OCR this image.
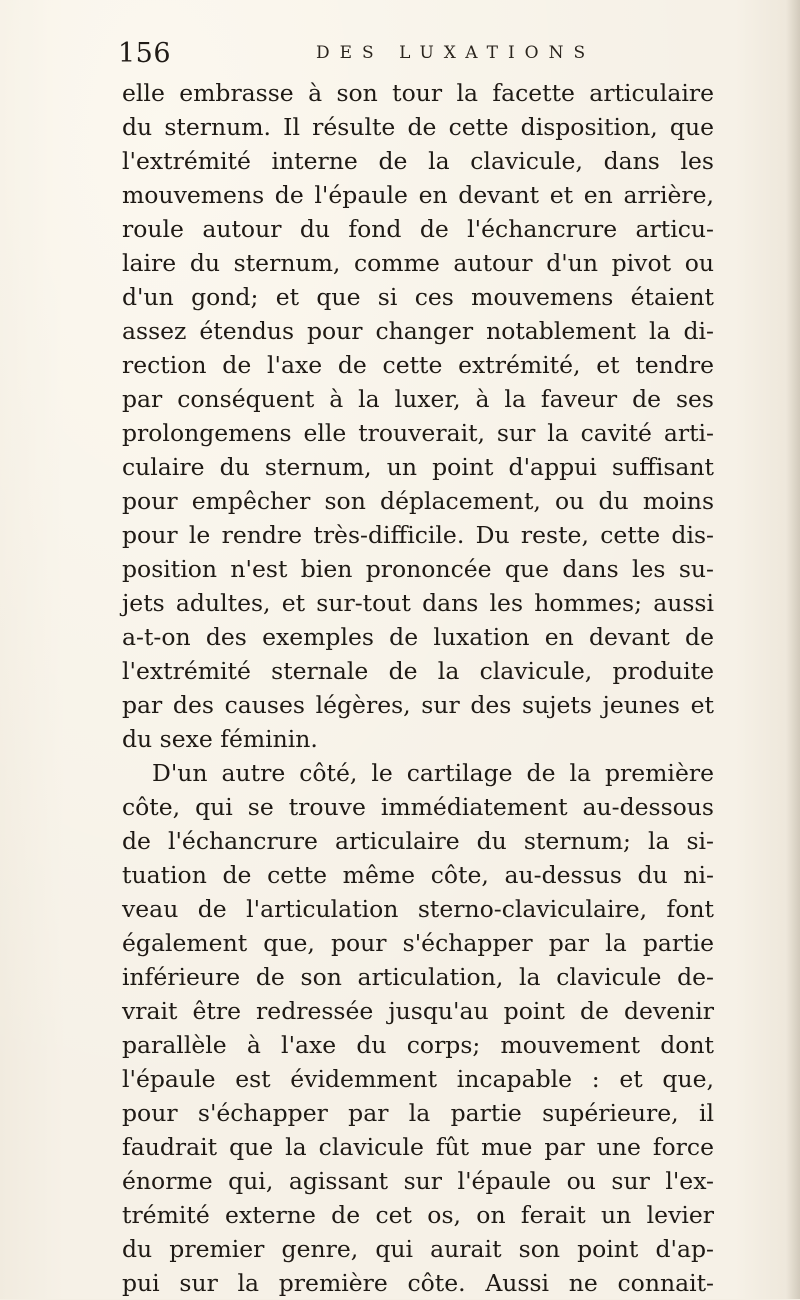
156	DES LUXATIONS
elle embrasse à son tour la facette articulaire
du sternum. Il résulte de cette disposition, que
l'extrémité interne de la clavicule, dans les
mouvemens de l'épaule en devant et en arrière,
roule autour du fond de l'échancrure articu-
laire du sternum, comme autour d'un pivot ou
d'un gond; et que si ces mouvemens étaient
assez étendus pour changer notablement la di-
rection de l'axe de cette extrémité, et tendre
par conséquent à la luxer, à la faveur de ses
prolongemens elle trouverait, sur la cavité arti-
culaire du sternum, un point d'appui suffisant
pour empêcher son déplacement, ou du moins
pour le rendre très-difficile. Du reste, cette dis-
position n'est bien prononcée que dans les su-
jets adultes, et sur-tout dans les hommes; aussi
a-t-on des exemples de luxation en devant de
l'extrémité sternale de la clavicule, produite
par des causes légères, sur des sujets jeunes et
du sexe féminin.
D'un autre côté, le cartilage de la première
côte, qui se trouve immédiatement au-dessous
de l'échancrure articulaire du sternum; la si-
tuation de cette même côte, au-dessus du ni-
veau de l'articulation sterno-claviculaire, font
également que, pour s'échapper par la partie
inférieure de son articulation, la clavicule de-
vrait être redressée jusqu'au point de devenir
parallèle à l'axe du corps; mouvement dont
l'épaule est évidemment incapable : et que,
pour s'échapper par la partie supérieure, il
faudrait que la clavicule fût mue par une force
énorme qui, agissant sur l'épaule ou sur l'ex-
trémité externe de cet os, on ferait un levier
du premier genre, qui aurait son point d'ap-
pui sur la première côte. Aussi ne connait-
